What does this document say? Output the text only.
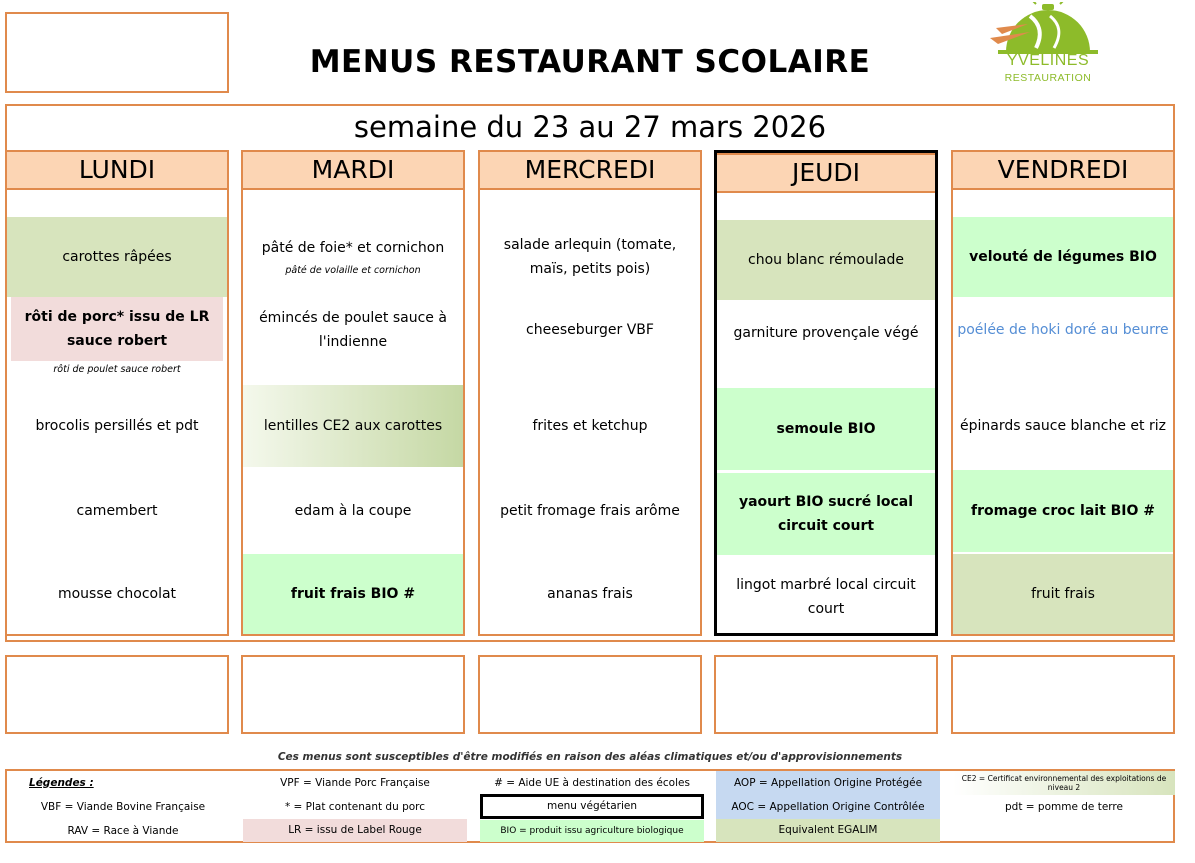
MENUS RESTAURANT SCOLAIRE	YVELINES
RESTAURATION
semaine du 23 au 27 mars 2026
LUNDI
carottes râpées
rôti de porc* issu de LR sauce robert
rôti de poulet sauce robert
brocolis persillés et pdt
camembert
mousse chocolat
MARDI
pâté de foie* et cornichon
pâté de volaille et cornichon
émincés de poulet sauce à l'indienne
lentilles CE2 aux carottes
edam à la coupe
fruit frais BIO #
MERCREDI
salade arlequin (tomate, maïs, petits pois)
cheeseburger VBF
frites et ketchup
petit fromage frais arôme
ananas frais
JEUDI
chou blanc rémoulade
garniture provençale végé
semoule BIO
yaourt BIO sucré local circuit court
lingot marbré local circuit court
VENDREDI
velouté de légumes BIO
poélée de hoki doré au beurre
épinards sauce blanche et riz
fromage croc lait BIO #
fruit frais
Ces menus sont susceptibles d'être modifiés en raison des aléas climatiques et/ou d'approvisionnements
Légendes :
VBF = Viande Bovine Française
RAV = Race à Viande
VPF = Viande Porc Française
* = Plat contenant du porc
LR = issu de Label Rouge
# = Aide UE à destination des écoles
menu végétarien
BIO = produit issu agriculture biologique
AOP = Appellation Origine Protégée
AOC = Appellation Origine Contrôlée
Equivalent EGALIM
CE2 = Certificat environnemental des exploitations de niveau 2
pdt = pomme de terre
